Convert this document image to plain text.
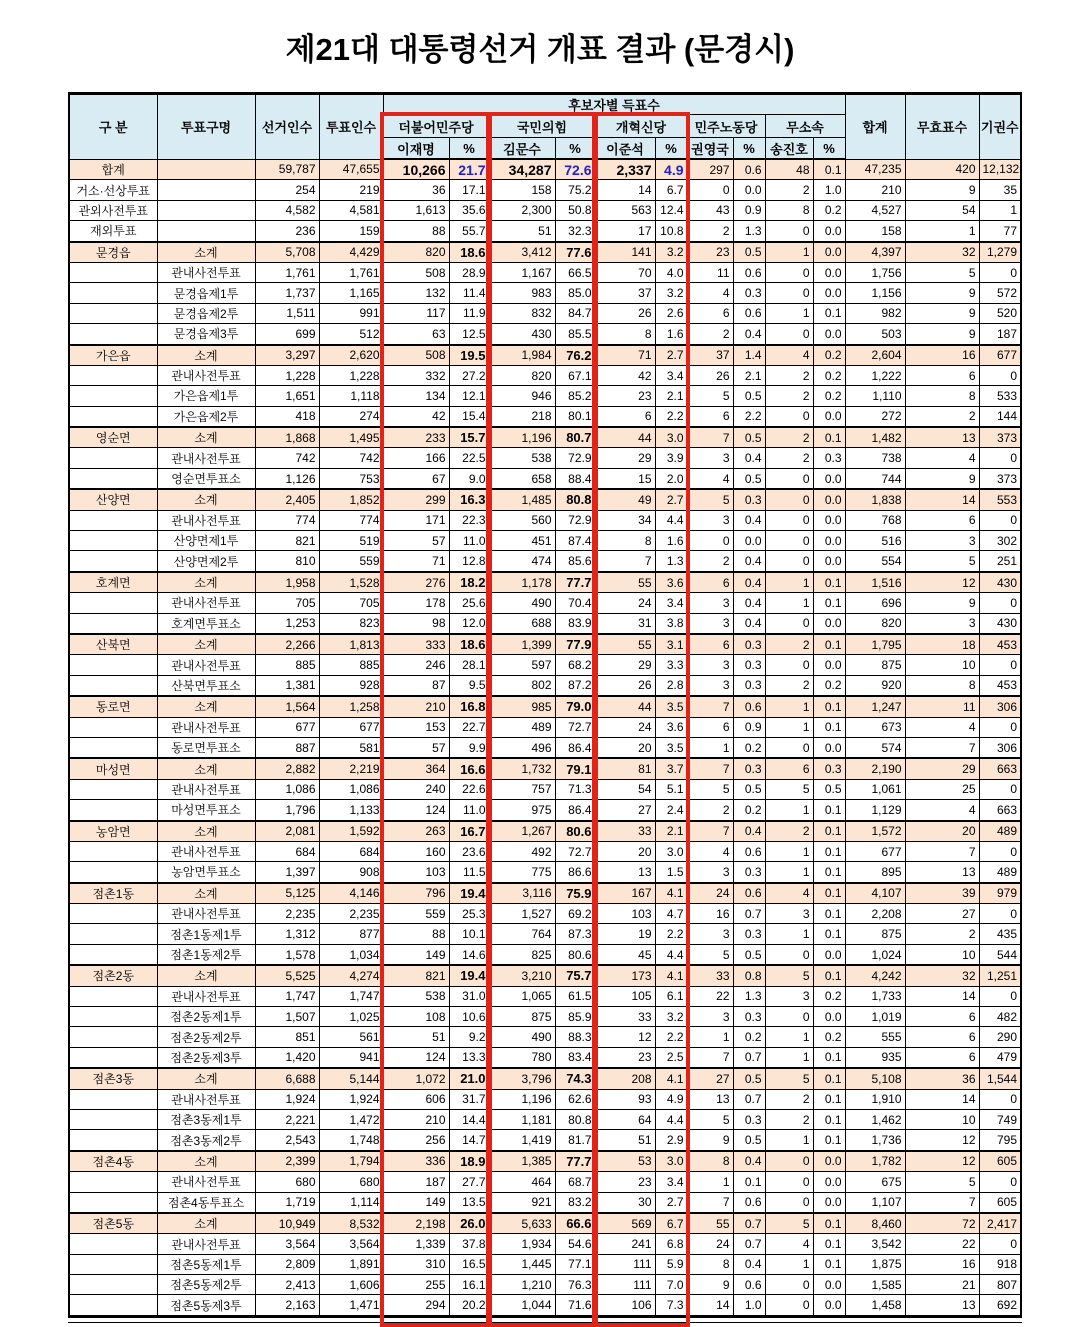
제21대 대통령선거 개표 결과 (문경시)
구 분	투표구명	선거인수	투표인수	후보자별 득표수										합계	무효표수	기권수
				더불어민주당		국민의힘		개혁신당		민주노동당		무소속				
				이재명	%	김문수	%	이준석	%	권영국	%	송진호	%			
합계		59,787	47,655	10,266	21.7	34,287	72.6	2,337	4.9	297	0.6	48	0.1	47,235	420	12,132
거소·선상투표		254	219	36	17.1	158	75.2	14	6.7	0	0.0	2	1.0	210	9	35
관외사전투표		4,582	4,581	1,613	35.6	2,300	50.8	563	12.4	43	0.9	8	0.2	4,527	54	1
재외투표		236	159	88	55.7	51	32.3	17	10.8	2	1.3	0	0.0	158	1	77
문경읍	소계	5,708	4,429	820	18.6	3,412	77.6	141	3.2	23	0.5	1	0.0	4,397	32	1,279
	관내사전투표	1,761	1,761	508	28.9	1,167	66.5	70	4.0	11	0.6	0	0.0	1,756	5	0
	문경읍제1투	1,737	1,165	132	11.4	983	85.0	37	3.2	4	0.3	0	0.0	1,156	9	572
	문경읍제2투	1,511	991	117	11.9	832	84.7	26	2.6	6	0.6	1	0.1	982	9	520
	문경읍제3투	699	512	63	12.5	430	85.5	8	1.6	2	0.4	0	0.0	503	9	187
가은읍	소계	3,297	2,620	508	19.5	1,984	76.2	71	2.7	37	1.4	4	0.2	2,604	16	677
	관내사전투표	1,228	1,228	332	27.2	820	67.1	42	3.4	26	2.1	2	0.2	1,222	6	0
	가은읍제1투	1,651	1,118	134	12.1	946	85.2	23	2.1	5	0.5	2	0.2	1,110	8	533
	가은읍제2투	418	274	42	15.4	218	80.1	6	2.2	6	2.2	0	0.0	272	2	144
영순면	소계	1,868	1,495	233	15.7	1,196	80.7	44	3.0	7	0.5	2	0.1	1,482	13	373
	관내사전투표	742	742	166	22.5	538	72.9	29	3.9	3	0.4	2	0.3	738	4	0
	영순면투표소	1,126	753	67	9.0	658	88.4	15	2.0	4	0.5	0	0.0	744	9	373
산양면	소계	2,405	1,852	299	16.3	1,485	80.8	49	2.7	5	0.3	0	0.0	1,838	14	553
	관내사전투표	774	774	171	22.3	560	72.9	34	4.4	3	0.4	0	0.0	768	6	0
	산양면제1투	821	519	57	11.0	451	87.4	8	1.6	0	0.0	0	0.0	516	3	302
	산양면제2투	810	559	71	12.8	474	85.6	7	1.3	2	0.4	0	0.0	554	5	251
호계면	소계	1,958	1,528	276	18.2	1,178	77.7	55	3.6	6	0.4	1	0.1	1,516	12	430
	관내사전투표	705	705	178	25.6	490	70.4	24	3.4	3	0.4	1	0.1	696	9	0
	호계면투표소	1,253	823	98	12.0	688	83.9	31	3.8	3	0.4	0	0.0	820	3	430
산북면	소계	2,266	1,813	333	18.6	1,399	77.9	55	3.1	6	0.3	2	0.1	1,795	18	453
	관내사전투표	885	885	246	28.1	597	68.2	29	3.3	3	0.3	0	0.0	875	10	0
	산북면투표소	1,381	928	87	9.5	802	87.2	26	2.8	3	0.3	2	0.2	920	8	453
동로면	소계	1,564	1,258	210	16.8	985	79.0	44	3.5	7	0.6	1	0.1	1,247	11	306
	관내사전투표	677	677	153	22.7	489	72.7	24	3.6	6	0.9	1	0.1	673	4	0
	동로면투표소	887	581	57	9.9	496	86.4	20	3.5	1	0.2	0	0.0	574	7	306
마성면	소계	2,882	2,219	364	16.6	1,732	79.1	81	3.7	7	0.3	6	0.3	2,190	29	663
	관내사전투표	1,086	1,086	240	22.6	757	71.3	54	5.1	5	0.5	5	0.5	1,061	25	0
	마성면투표소	1,796	1,133	124	11.0	975	86.4	27	2.4	2	0.2	1	0.1	1,129	4	663
농암면	소계	2,081	1,592	263	16.7	1,267	80.6	33	2.1	7	0.4	2	0.1	1,572	20	489
	관내사전투표	684	684	160	23.6	492	72.7	20	3.0	4	0.6	1	0.1	677	7	0
	농암면투표소	1,397	908	103	11.5	775	86.6	13	1.5	3	0.3	1	0.1	895	13	489
점촌1동	소계	5,125	4,146	796	19.4	3,116	75.9	167	4.1	24	0.6	4	0.1	4,107	39	979
	관내사전투표	2,235	2,235	559	25.3	1,527	69.2	103	4.7	16	0.7	3	0.1	2,208	27	0
	점촌1동제1투	1,312	877	88	10.1	764	87.3	19	2.2	3	0.3	1	0.1	875	2	435
	점촌1동제2투	1,578	1,034	149	14.6	825	80.6	45	4.4	5	0.5	0	0.0	1,024	10	544
점촌2동	소계	5,525	4,274	821	19.4	3,210	75.7	173	4.1	33	0.8	5	0.1	4,242	32	1,251
	관내사전투표	1,747	1,747	538	31.0	1,065	61.5	105	6.1	22	1.3	3	0.2	1,733	14	0
	점촌2동제1투	1,507	1,025	108	10.6	875	85.9	33	3.2	3	0.3	0	0.0	1,019	6	482
	점촌2동제2투	851	561	51	9.2	490	88.3	12	2.2	1	0.2	1	0.2	555	6	290
	점촌2동제3투	1,420	941	124	13.3	780	83.4	23	2.5	7	0.7	1	0.1	935	6	479
점촌3동	소계	6,688	5,144	1,072	21.0	3,796	74.3	208	4.1	27	0.5	5	0.1	5,108	36	1,544
	관내사전투표	1,924	1,924	606	31.7	1,196	62.6	93	4.9	13	0.7	2	0.1	1,910	14	0
	점촌3동제1투	2,221	1,472	210	14.4	1,181	80.8	64	4.4	5	0.3	2	0.1	1,462	10	749
	점촌3동제2투	2,543	1,748	256	14.7	1,419	81.7	51	2.9	9	0.5	1	0.1	1,736	12	795
점촌4동	소계	2,399	1,794	336	18.9	1,385	77.7	53	3.0	8	0.4	0	0.0	1,782	12	605
	관내사전투표	680	680	187	27.7	464	68.7	23	3.4	1	0.1	0	0.0	675	5	0
	점촌4동투표소	1,719	1,114	149	13.5	921	83.2	30	2.7	7	0.6	0	0.0	1,107	7	605
점촌5동	소계	10,949	8,532	2,198	26.0	5,633	66.6	569	6.7	55	0.7	5	0.1	8,460	72	2,417
	관내사전투표	3,564	3,564	1,339	37.8	1,934	54.6	241	6.8	24	0.7	4	0.1	3,542	22	0
	점촌5동제1투	2,809	1,891	310	16.5	1,445	77.1	111	5.9	8	0.4	1	0.1	1,875	16	918
	점촌5동제2투	2,413	1,606	255	16.1	1,210	76.3	111	7.0	9	0.6	0	0.0	1,585	21	807
	점촌5동제3투	2,163	1,471	294	20.2	1,044	71.6	106	7.3	14	1.0	0	0.0	1,458	13	692
